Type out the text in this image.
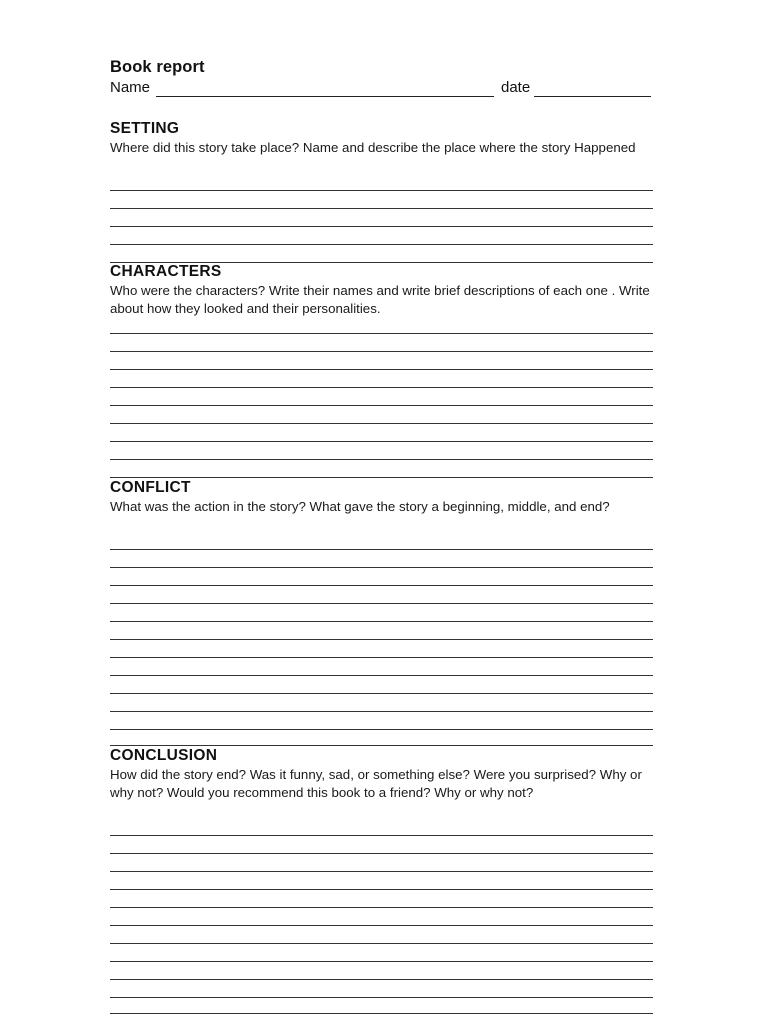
Book report
Name	date
SETTING
Where did this story take place? Name and describe the place where the story Happened
CHARACTERS
Who were the characters? Write their names and write brief descriptions of each one . Write about how they looked and their personalities.
CONFLICT
What was the action in the story? What gave the story a beginning, middle, and end?
CONCLUSION
How did the story end? Was it funny, sad, or something else? Were you surprised? Why or why not? Would you recommend this book to a friend? Why or why not?
